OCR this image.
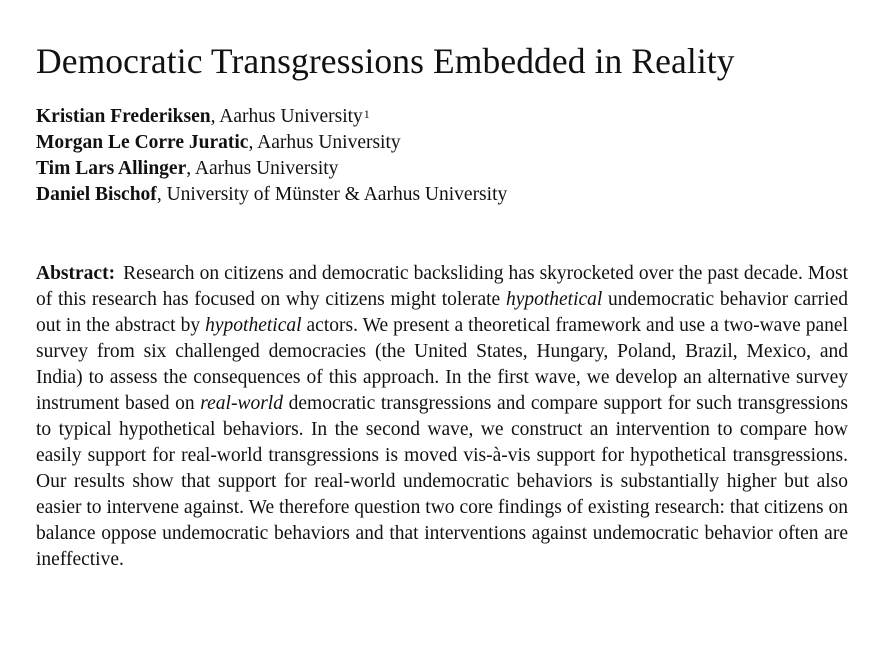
Democratic Transgressions Embedded in Reality
Kristian Frederiksen, Aarhus University$^1$
Morgan Le Corre Juratic, Aarhus University
Tim Lars Allinger, Aarhus University
Daniel Bischof, University of Münster & Aarhus University

Abstract: Research on citizens and democratic backsliding has skyrocketed over the past decade. Most of this research has focused on why citizens might tolerate hypothetical undemocratic behavior carried out in the abstract by hypothetical actors. We present a theoretical framework and use a two-wave panel survey from six challenged democracies (the United States, Hungary, Poland, Brazil, Mexico, and India) to assess the consequences of this approach. In the first wave, we develop an alternative survey instrument based on real-world democratic transgressions and compare support for such transgressions to typical hypothetical behaviors. In the second wave, we construct an intervention to compare how easily support for real-world transgressions is moved vis-à-vis support for hypothetical transgressions. Our results show that support for real-world undemocratic behaviors is substantially higher but also easier to intervene against. We therefore question two core findings of existing research: that citizens on balance oppose undemocratic behaviors and that interventions against undemocratic behavior often are ineffective.
